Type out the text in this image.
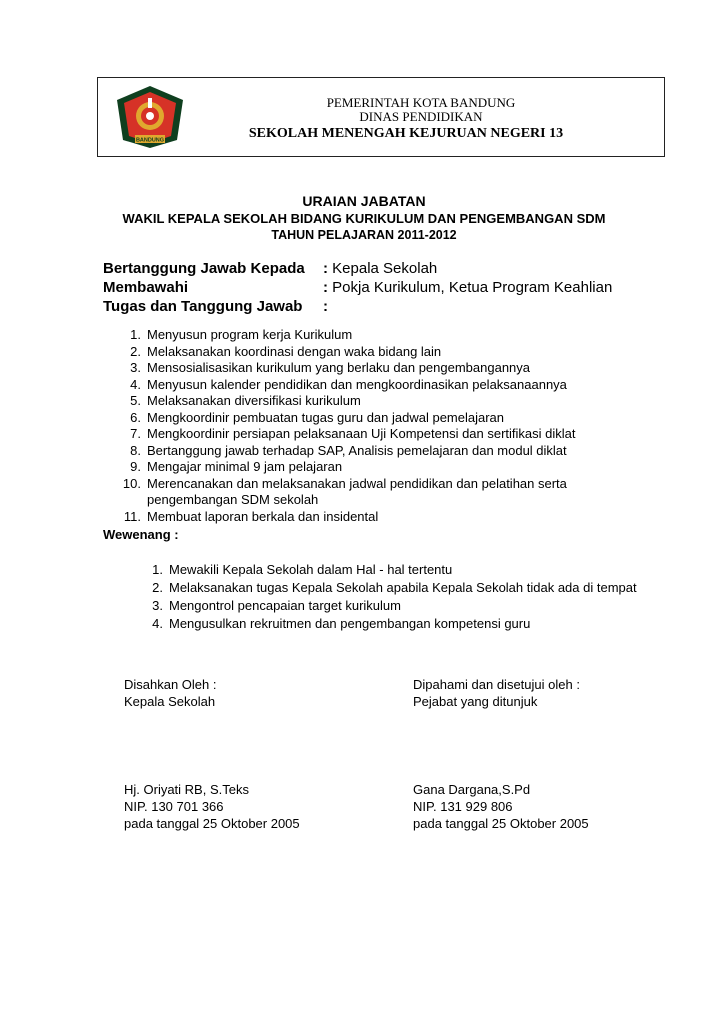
BANDUNG
PEMERINTAH KOTA BANDUNG
DINAS PENDIDIKAN
SEKOLAH MENENGAH KEJURUAN NEGERI 13
URAIAN JABATAN
WAKIL KEPALA SEKOLAH BIDANG KURIKULUM DAN PENGEMBANGAN SDM
TAHUN PELAJARAN 2011-2012
Bertanggung Jawab Kepada : Kepala Sekolah
Membawahi	: Pokja Kurikulum, Ketua Program Keahlian
Tugas dan Tanggung Jawab :
1. Menyusun program kerja Kurikulum
2. Melaksanakan koordinasi dengan waka bidang lain
3. Mensosialisasikan kurikulum yang berlaku dan pengembangannya
4. Menyusun kalender pendidikan dan mengkoordinasikan pelaksanaannya
5. Melaksanakan diversifikasi kurikulum
6. Mengkoordinir pembuatan tugas guru dan jadwal pemelajaran
7. Mengkoordinir persiapan pelaksanaan Uji Kompetensi dan sertifikasi diklat
8. Bertanggung jawab terhadap SAP, Analisis pemelajaran dan modul diklat
9. Mengajar minimal 9 jam pelajaran
10. Merencanakan dan melaksanakan jadwal pendidikan dan pelatihan serta
pengembangan SDM sekolah
11. Membuat laporan berkala dan insidental
Wewenang :
1. Mewakili Kepala Sekolah dalam Hal - hal tertentu
2. Melaksanakan tugas Kepala Sekolah apabila Kepala Sekolah tidak ada di tempat
3. Mengontrol pencapaian target kurikulum
4. Mengusulkan rekruitmen dan pengembangan kompetensi guru
Disahkan Oleh :
Kepala Sekolah
Dipahami dan disetujui oleh :
Pejabat yang ditunjuk
Hj. Oriyati RB, S.Teks
NIP. 130 701 366
pada tanggal 25 Oktober 2005
Gana Dargana,S.Pd
NIP. 131 929 806
pada tanggal 25 Oktober 2005
